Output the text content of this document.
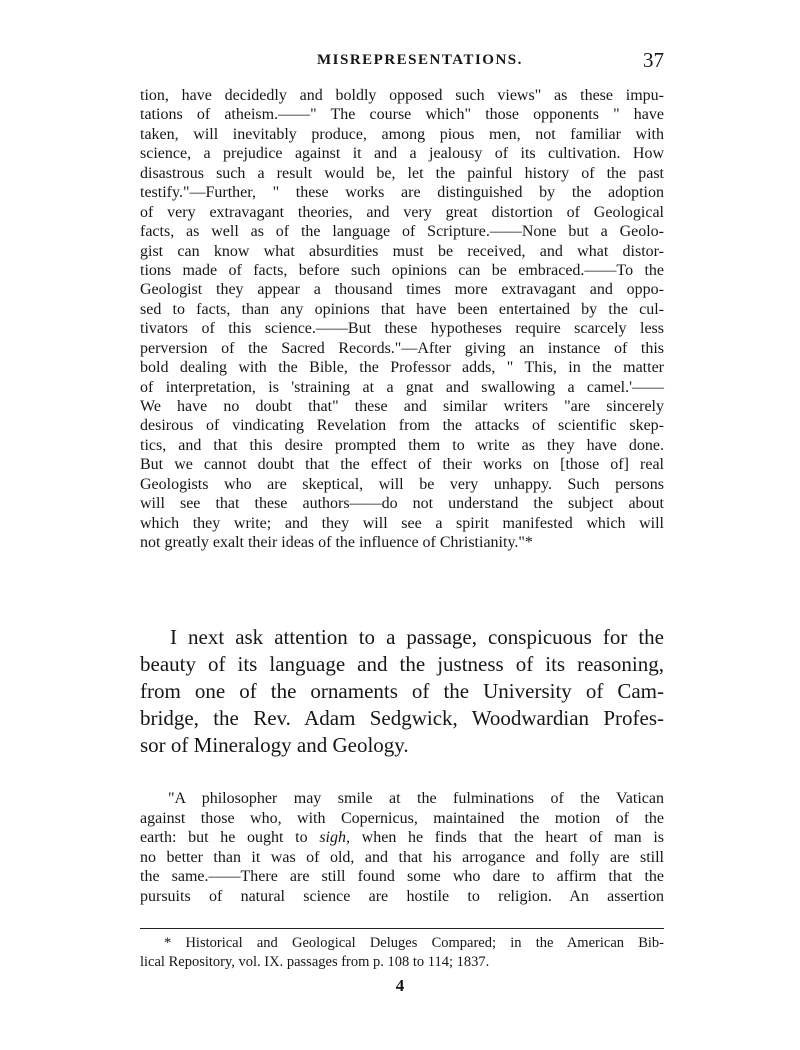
MISREPRESENTATIONS.	37
tion, have decidedly and boldly opposed such views" as these impu-
tations of atheism.——" The course which" those opponents " have
taken, will inevitably produce, among pious men, not familiar with
science, a prejudice against it and a jealousy of its cultivation. How
disastrous such a result would be, let the painful history of the past
testify."—Further, " these works are distinguished by the adoption
of very extravagant theories, and very great distortion of Geological
facts, as well as of the language of Scripture.——None but a Geolo-
gist can know what absurdities must be received, and what distor-
tions made of facts, before such opinions can be embraced.——To the
Geologist they appear a thousand times more extravagant and oppo-
sed to facts, than any opinions that have been entertained by the cul-
tivators of this science.——But these hypotheses require scarcely less
perversion of the Sacred Records."—After giving an instance of this
bold dealing with the Bible, the Professor adds, " This, in the matter
of interpretation, is 'straining at a gnat and swallowing a camel.'——
We have no doubt that" these and similar writers "are sincerely
desirous of vindicating Revelation from the attacks of scientific skep-
tics, and that this desire prompted them to write as they have done.
But we cannot doubt that the effect of their works on [those of] real
Geologists who are skeptical, will be very unhappy. Such persons
will see that these authors——do not understand the subject about
which they write; and they will see a spirit manifested which will
not greatly exalt their ideas of the influence of Christianity."*
I next ask attention to a passage, conspicuous for the
beauty of its language and the justness of its reasoning,
from one of the ornaments of the University of Cam-
bridge, the Rev. Adam Sedgwick, Woodwardian Profes-
sor of Mineralogy and Geology.
"A philosopher may smile at the fulminations of the Vatican
against those who, with Copernicus, maintained the motion of the
earth: but he ought to sigh, when he finds that the heart of man is
no better than it was of old, and that his arrogance and folly are still
the same.——There are still found some who dare to affirm that the
pursuits of natural science are hostile to religion. An assertion
* Historical and Geological Deluges Compared; in the American Bib-
lical Repository, vol. IX. passages from p. 108 to 114; 1837.
4
